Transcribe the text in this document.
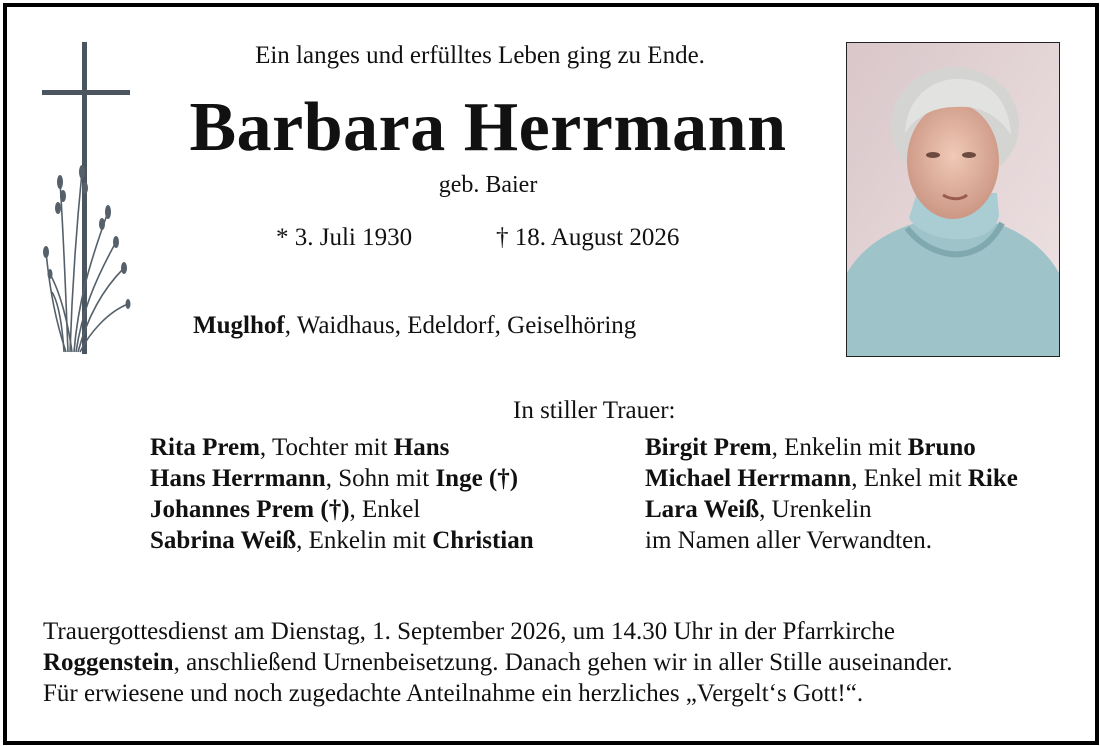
Ein langes und erfülltes Leben ging zu Ende.
Barbara Herrmann
geb. Baier
* 3. Juli 1930	† 18. August 2026
Muglhof, Waidhaus, Edeldorf, Geiselhöring
In stiller Trauer:
Rita Prem, Tochter mit Hans
Hans Herrmann, Sohn mit Inge (†)
Johannes Prem (†), Enkel
Sabrina Weiß, Enkelin mit Christian
Birgit Prem, Enkelin mit Bruno
Michael Herrmann, Enkel mit Rike
Lara Weiß, Urenkelin
im Namen aller Verwandten.
Trauergottesdienst am Dienstag, 1. September 2026, um 14.30 Uhr in der Pfarrkirche
Roggenstein, anschließend Urnenbeisetzung. Danach gehen wir in aller Stille auseinander.
Für erwiesene und noch zugedachte Anteilnahme ein herzliches „Vergelt‘s Gott!“.
